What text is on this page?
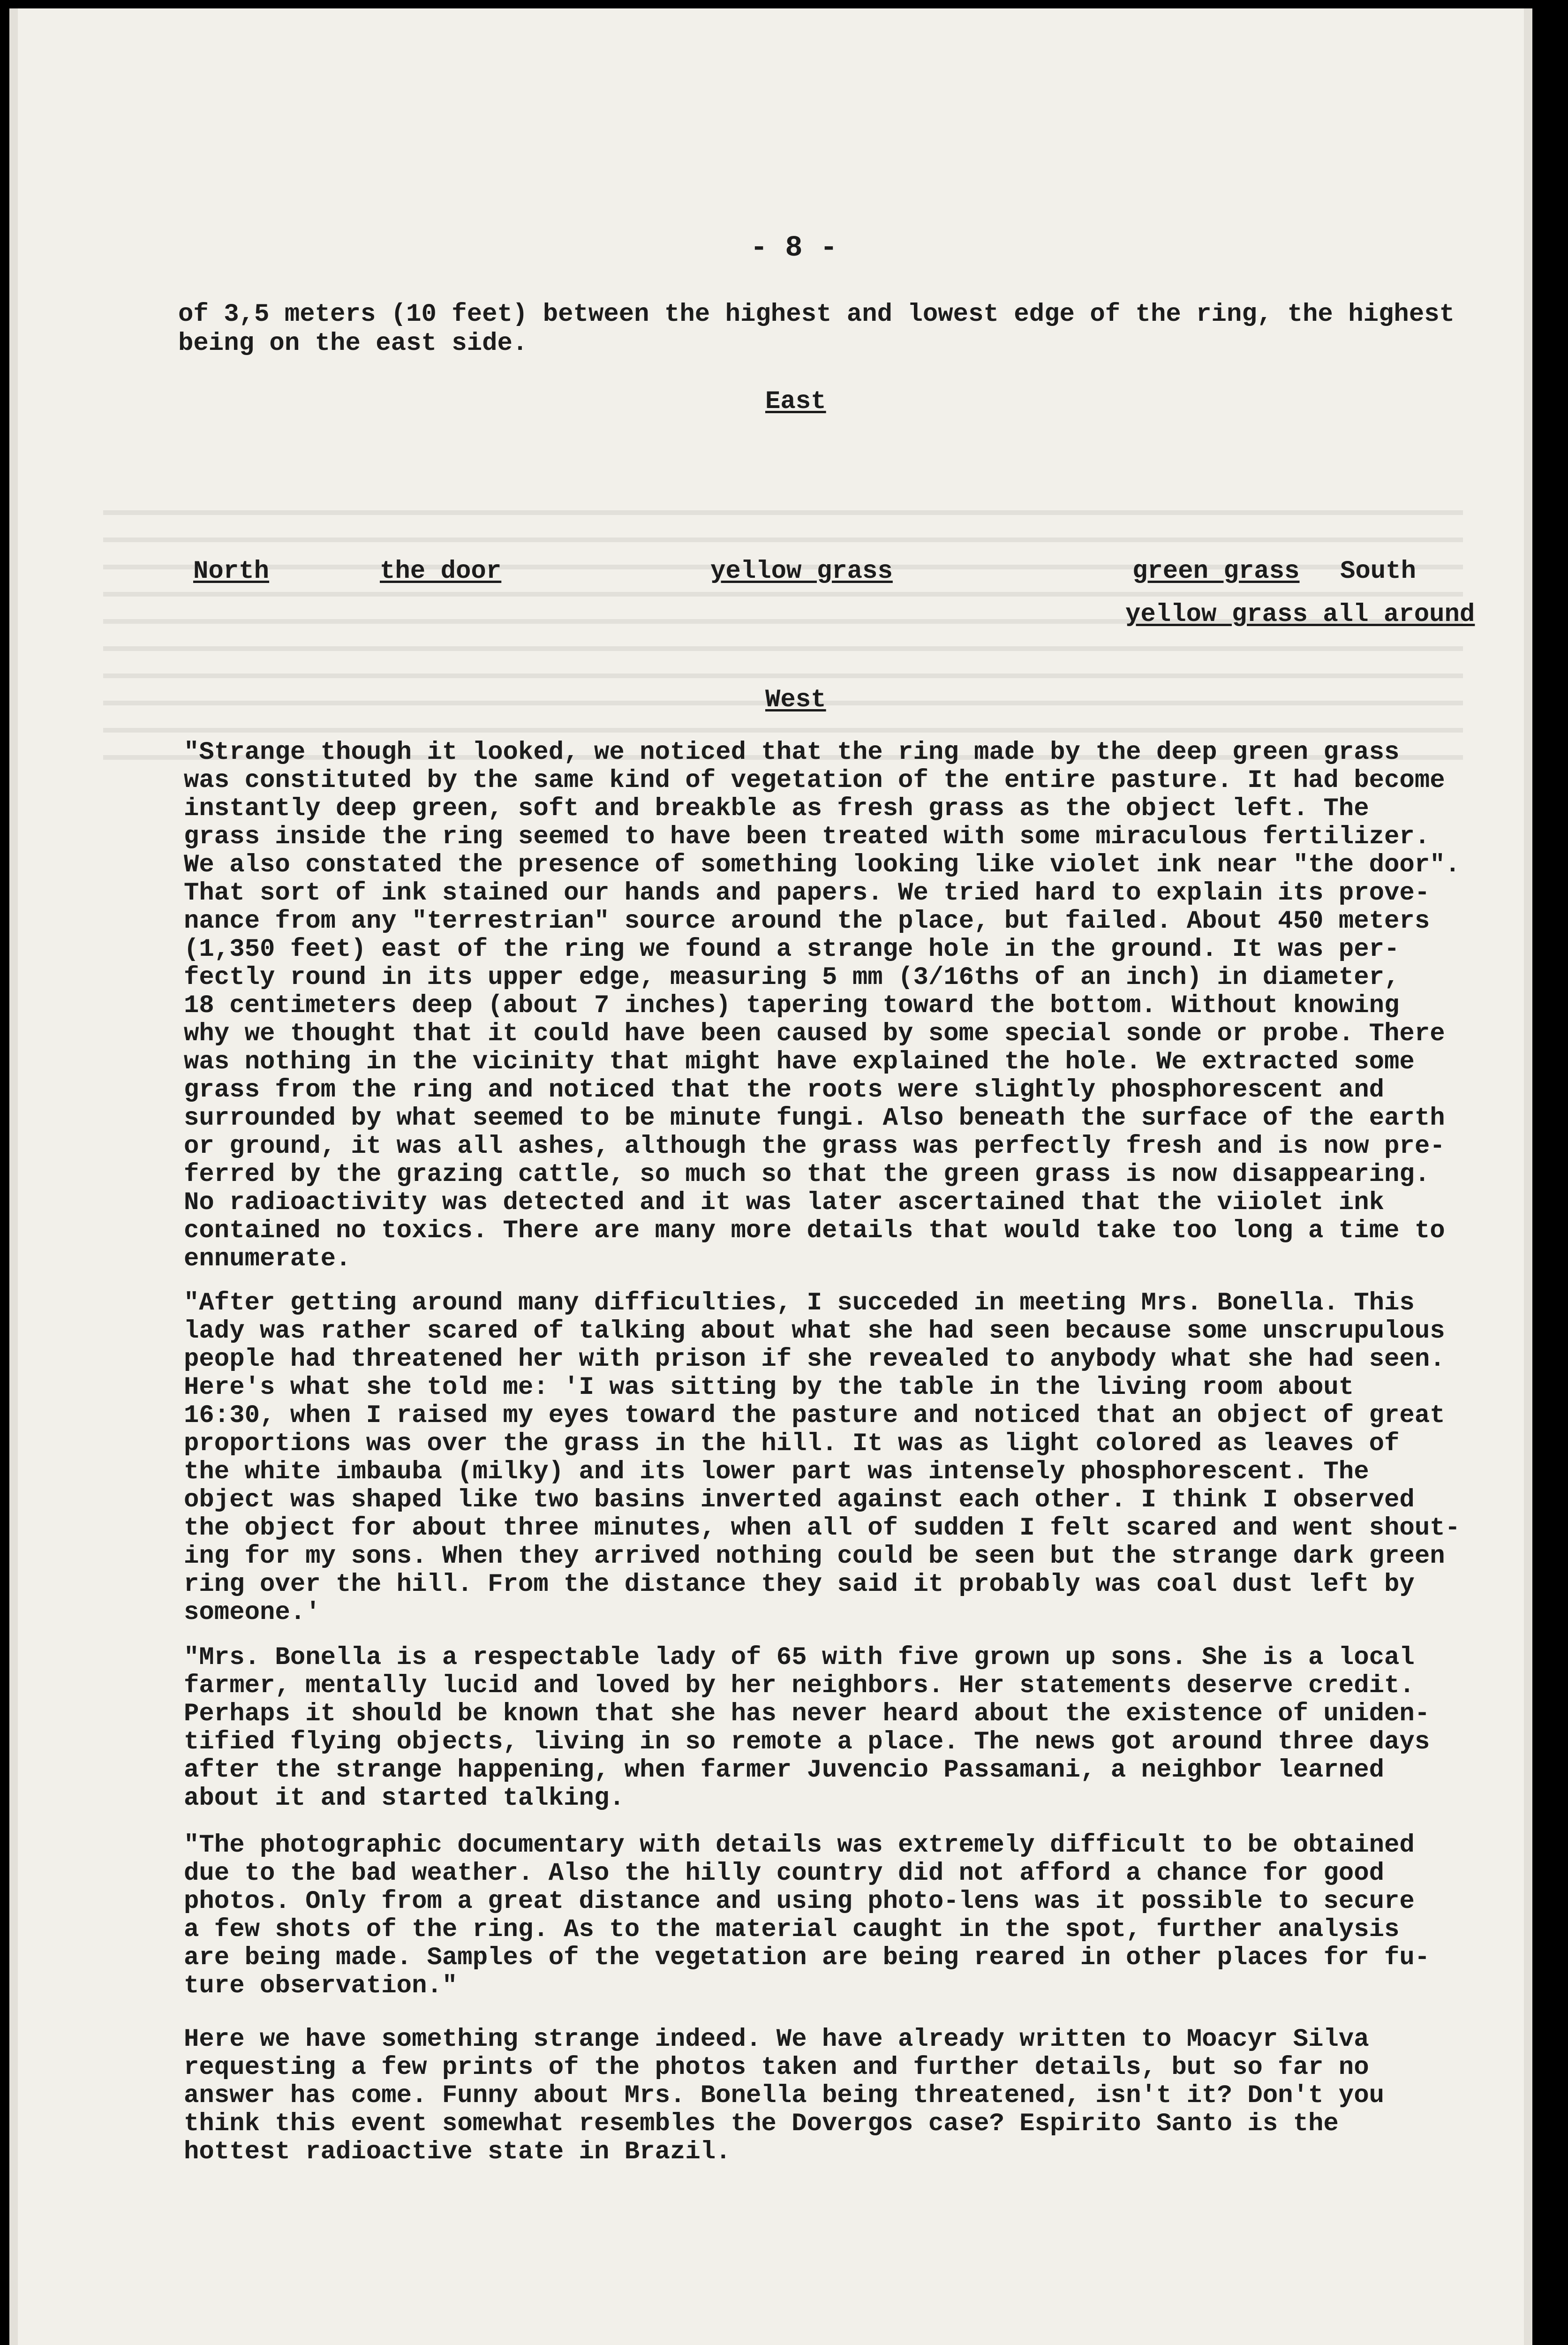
- 8 -
of 3,5 meters (10 feet) between the highest and lowest edge of the ring, the highest
being on the east side.
East
North	the door	yellow grass	green grass South
yellow grass all around
West
"Strange though it looked, we noticed that the ring made by the deep green grass
was constituted by the same kind of vegetation of the entire pasture. It had become
instantly deep green, soft and breakble as fresh grass as the object left. The
grass inside the ring seemed to have been treated with some miraculous fertilizer.
We also constated the presence of something looking like violet ink near "the door".
That sort of ink stained our hands and papers. We tried hard to explain its prove-
nance from any "terrestrian" source around the place, but failed. About 450 meters
(1,350 feet) east of the ring we found a strange hole in the ground. It was per-
fectly round in its upper edge, measuring 5 mm (3/16ths of an inch) in diameter,
18 centimeters deep (about 7 inches) tapering toward the bottom. Without knowing
why we thought that it could have been caused by some special sonde or probe. There
was nothing in the vicinity that might have explained the hole. We extracted some
grass from the ring and noticed that the roots were slightly phosphorescent and
surrounded by what seemed to be minute fungi. Also beneath the surface of the earth
or ground, it was all ashes, although the grass was perfectly fresh and is now pre-
ferred by the grazing cattle, so much so that the green grass is now disappearing.
No radioactivity was detected and it was later ascertained that the viiolet ink
contained no toxics. There are many more details that would take too long a time to
ennumerate.
"After getting around many difficulties, I succeded in meeting Mrs. Bonella. This
lady was rather scared of talking about what she had seen because some unscrupulous
people had threatened her with prison if she revealed to anybody what she had seen.
Here's what she told me: 'I was sitting by the table in the living room about
16:30, when I raised my eyes toward the pasture and noticed that an object of great
proportions was over the grass in the hill. It was as light colored as leaves of
the white imbauba (milky) and its lower part was intensely phosphorescent. The
object was shaped like two basins inverted against each other. I think I observed
the object for about three minutes, when all of sudden I felt scared and went shout-
ing for my sons. When they arrived nothing could be seen but the strange dark green
ring over the hill. From the distance they said it probably was coal dust left by
someone.'
"Mrs. Bonella is a respectable lady of 65 with five grown up sons. She is a local
farmer, mentally lucid and loved by her neighbors. Her statements deserve credit.
Perhaps it should be known that she has never heard about the existence of uniden-
tified flying objects, living in so remote a place. The news got around three days
after the strange happening, when farmer Juvencio Passamani, a neighbor learned
about it and started talking.
"The photographic documentary with details was extremely difficult to be obtained
due to the bad weather. Also the hilly country did not afford a chance for good
photos. Only from a great distance and using photo-lens was it possible to secure
a few shots of the ring. As to the material caught in the spot, further analysis
are being made. Samples of the vegetation are being reared in other places for fu-
ture observation."
Here we have something strange indeed. We have already written to Moacyr Silva
requesting a few prints of the photos taken and further details, but so far no
answer has come. Funny about Mrs. Bonella being threatened, isn't it? Don't you
think this event somewhat resembles the Dovergos case? Espirito Santo is the
hottest radioactive state in Brazil.
